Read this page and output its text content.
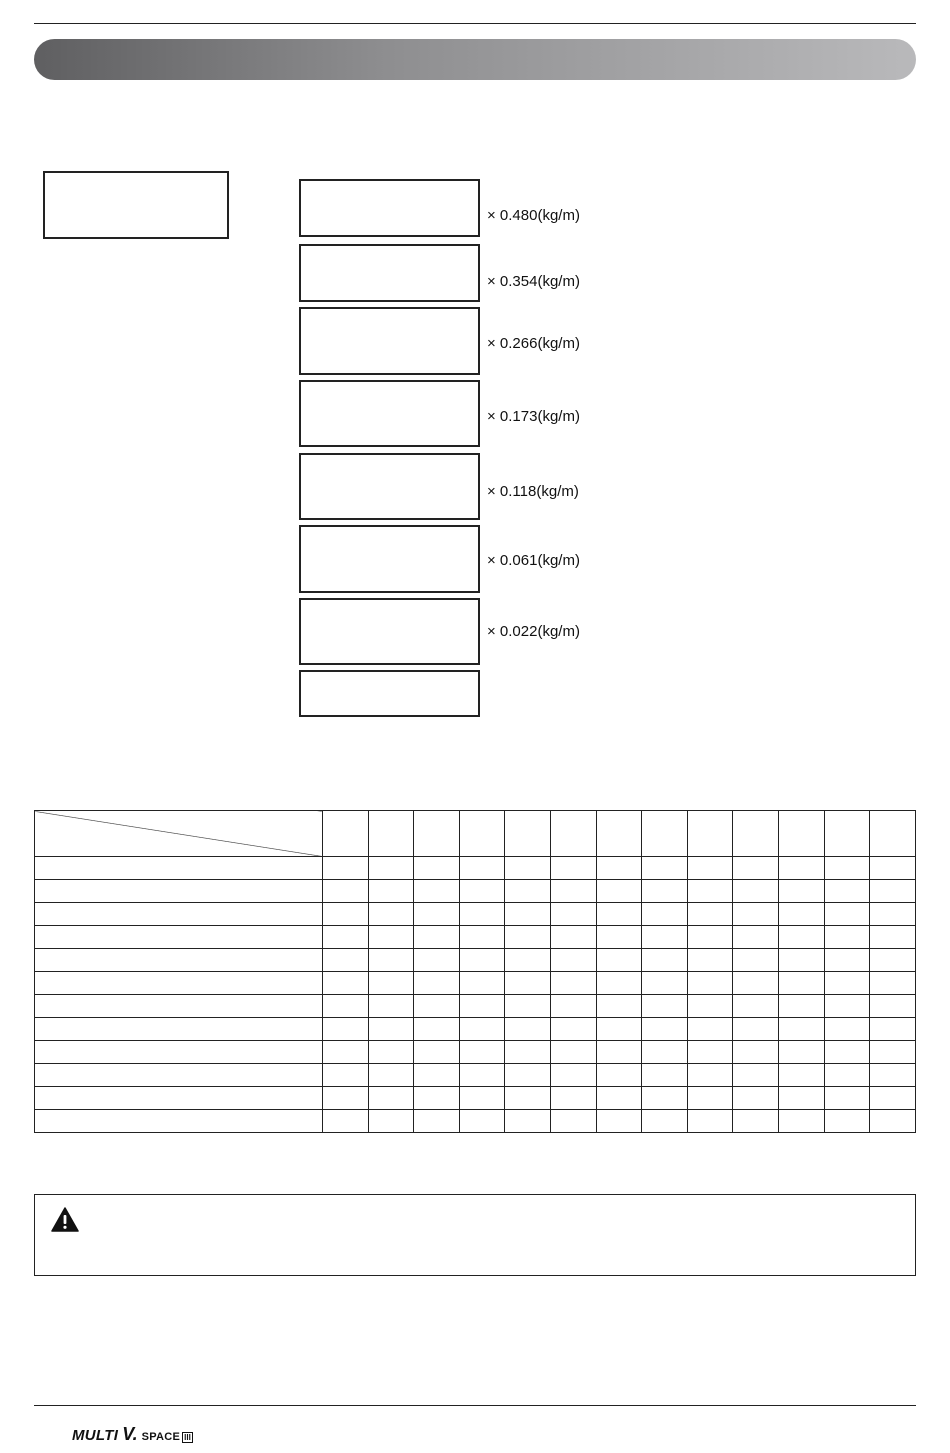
× 0.480(kg/m)
× 0.354(kg/m)
× 0.266(kg/m)
× 0.173(kg/m)
× 0.118(kg/m)
× 0.061(kg/m)
× 0.022(kg/m)

MULTI V. SPACE III
